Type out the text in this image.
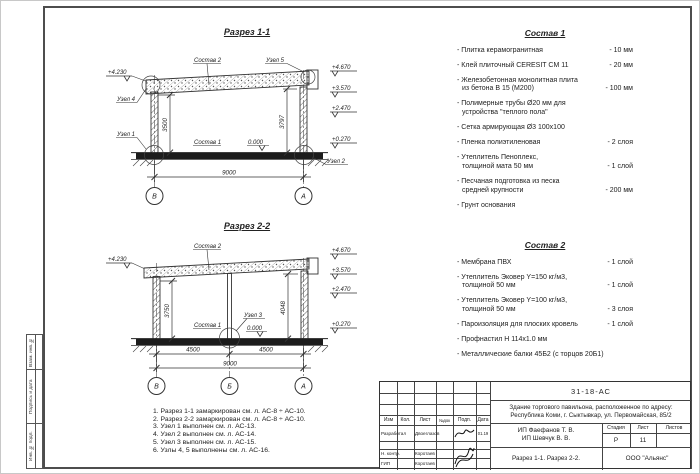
Взам. инв. №
Подпись и дата
Инв. № подл.
Разрез 1-1
3500	3797
9000
В	А
+4.670
+3.570
+2.470
+0.270
+4.230
Состав 2	Узел 5
Узел 4
Узел 1
Состав 1	0.000
Узел 2
Разрез 2-2
3750	4048
4500	4500
9000
В	Б	А
+4.670
+3.570
+2.470
+0.270
+4.230
Состав 2
Узел 3
Состав 1	0.000
Состав 1
- Плитка керамогранитная	- 10 мм
- Клей плиточный CERESIT CM 11	- 20 мм
- Железобетонная монолитная плита
из бетона В 15 (М200)	- 100 мм
- Полимерные трубы Ø20 мм для
устройства "теплого пола"
- Сетка армирующая Ø3 100х100
- Пленка полиэтиленовая	- 2 слоя
- Утеплитель Пеноплекс,
толщиной мата 50 мм	- 1 слой
- Песчаная подготовка из песка
средней крупности	- 200 мм
- Грунт основания
Состав 2
- Мембрана ПВХ	- 1 слой
- Утеплитель Эковер Y=150 кг/м3,
толщиной 50 мм	- 1 слой
- Утеплитель Эковер Y=100 кг/м3,
толщиной 50 мм	- 3 слоя
- Пароизоляция для плоских кровель	- 1 слой
- Профнастил Н 114х1.0 мм
- Металлические балки 45Б2 (с торцов 20Б1)
1. Разрез 1-1 замаркирован см. л. АС-8 ÷ АС-10.
2. Разрез 2-2 замаркирован см. л. АС-8 ÷ АС-10.
3. Узел 1 выполнен см. л. АС-13.
4. Узел 2 выполнен см. л. АС-14.
5. Узел 3 выполнен см. л. АС-15.
6. Узлы 4, 5 выполнены см. л. АС-16.
Изм	Кол.	Лист	№док	Подп.	Дата
Разработал	Двоеглазов	01.19
Н. контр.	Коротаев
ГИП	Коротаев
31-18-АС
Здание торгового павильона, расположенное по адресу:
Республика Коми, г. Сыктывкар, ул. Первомайская, 85/2
ИП Фаефанов Т. В.
ИП Шевчук В. В.
Стадия	Лист	Листов
Р	11
Разрез 1-1. Разрез 2-2.	ООО "Альянс"
